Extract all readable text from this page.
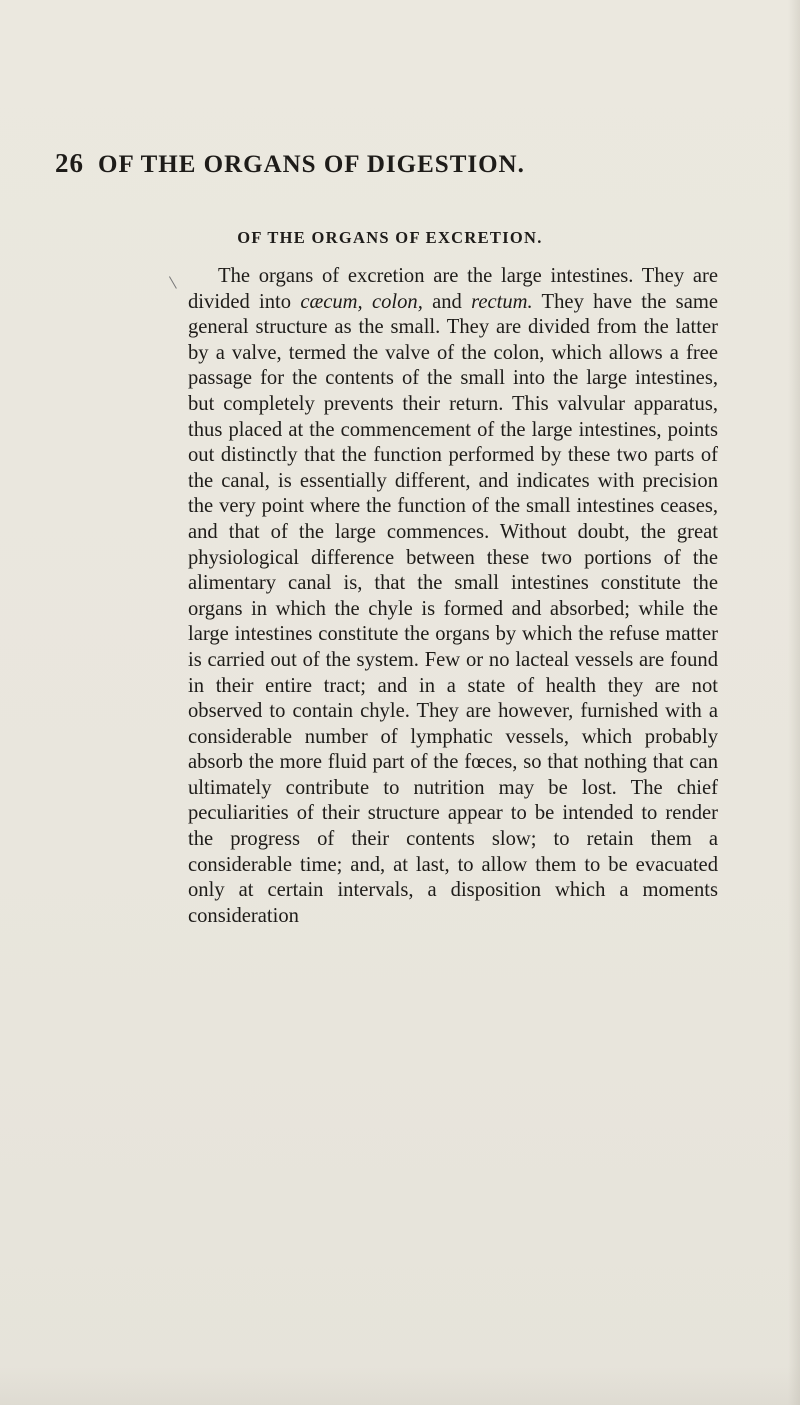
26 OF THE ORGANS OF DIGESTION.
OF THE ORGANS OF EXCRETION.

The organs of excretion are the large intestines. They are divided into cæcum, colon, and rectum. They have the same general structure as the small. They are divided from the latter by a valve, termed the valve of the colon, which allows a free passage for the contents of the small into the large intestines, but completely prevents their return. This valvular apparatus, thus placed at the commencement of the large intestines, points out distinctly that the function performed by these two parts of the canal, is essentially different, and indicates with precision the very point where the function of the small intestines ceases, and that of the large commences. Without doubt, the great physiological difference between these two portions of the alimentary canal is, that the small intestines constitute the organs in which the chyle is formed and absorbed; while the large intestines constitute the organs by which the refuse matter is carried out of the system. Few or no lacteal vessels are found in their entire tract; and in a state of health they are not observed to contain chyle. They are however, furnished with a considerable number of lymphatic vessels, which probably absorb the more fluid part of the fœces, so that nothing that can ultimately contribute to nutrition may be lost. The chief peculiarities of their structure appear to be intended to render the progress of their contents slow; to retain them a considerable time; and, at last, to allow them to be evacuated only at certain intervals, a disposition which a moments consideration
